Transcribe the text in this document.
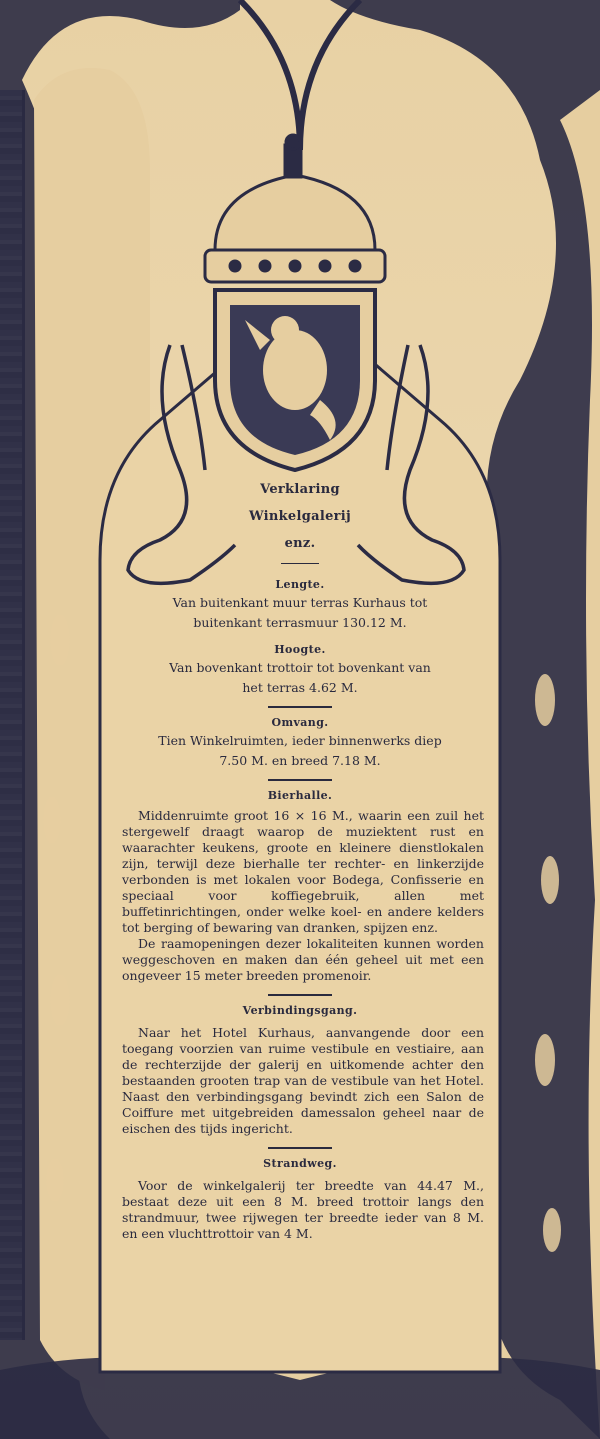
Verklaring
Winkelgalerij
enz.
Lengte.
Van buitenkant muur terras Kurhaus tot
buitenkant terrasmuur 130.12 M.
Hoogte.
Van bovenkant trottoir tot bovenkant van
het terras 4.62 M.
Omvang.
Tien Winkelruimten, ieder binnenwerks diep
7.50 M. en breed 7.18 M.
Bierhalle.

Middenruimte groot 16 × 16 M., waarin een zuil het stergewelf draagt waarop de muziektent rust en waarachter keukens, groote en kleinere dienstlokalen zijn, terwijl deze bierhalle ter rechter- en linkerzijde verbonden is met lokalen voor Bodega, Confisserie en speciaal voor koffiegebruik, allen met buffetinrichtingen, onder welke koel- en andere kelders tot berging of bewaring van dranken, spijzen enz.

De raamopeningen dezer lokaliteiten kunnen worden weggeschoven en maken dan één geheel uit met een ongeveer 15 meter breeden promenoir.

Verbindingsgang.

Naar het Hotel Kurhaus, aanvangende door een toegang voorzien van ruime vestibule en vestiaire, aan de rechterzijde der galerij en uitkomende achter den bestaanden grooten trap van de vestibule van het Hotel. Naast den verbindingsgang bevindt zich een Salon de Coiffure met uitgebreiden damessalon geheel naar de eischen des tijds ingericht.

Strandweg.

Voor de winkelgalerij ter breedte van 44.47 M., bestaat deze uit een 8 M. breed trottoir langs den strandmuur, twee rijwegen ter breedte ieder van 8 M. en een vluchttrottoir van 4 M.
